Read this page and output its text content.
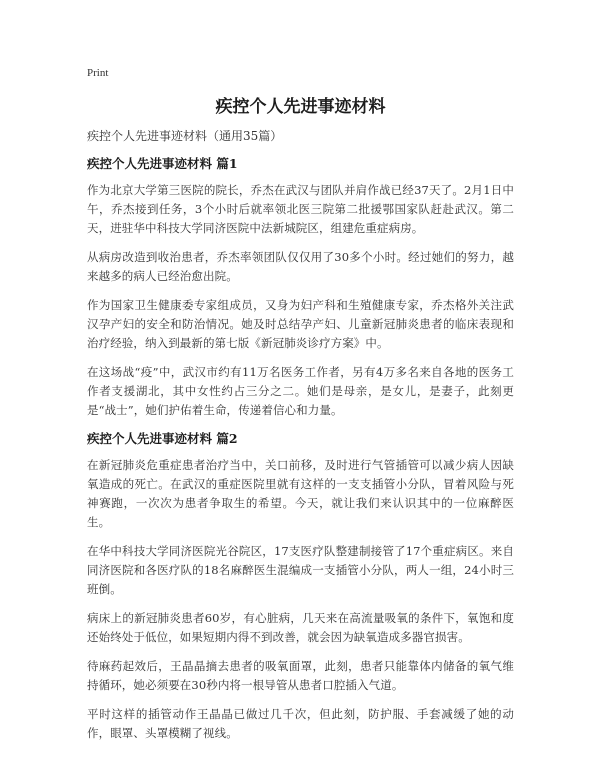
Print

疾控个人先进事迹材料

疾控个人先进事迹材料（通用35篇）

疾控个人先进事迹材料 篇1

作为北京大学第三医院的院长，乔杰在武汉与团队并肩作战已经37天了。2月1日中午，乔杰接到任务，3个小时后就率领北医三院第二批援鄂国家队赶赴武汉。第二天，进驻华中科技大学同济医院中法新城院区，组建危重症病房。

从病房改造到收治患者，乔杰率领团队仅仅用了30多个小时。经过她们的努力，越来越多的病人已经治愈出院。

作为国家卫生健康委专家组成员，又身为妇产科和生殖健康专家，乔杰格外关注武汉孕产妇的安全和防治情况。她及时总结孕产妇、儿童新冠肺炎患者的临床表现和治疗经验，纳入到最新的第七版《新冠肺炎诊疗方案》中。

在这场战“疫”中，武汉市约有11万名医务工作者，另有4万多名来自各地的医务工作者支援湖北，其中女性约占三分之二。她们是母亲，是女儿，是妻子，此刻更是“战士”，她们护佑着生命，传递着信心和力量。

疾控个人先进事迹材料 篇2

在新冠肺炎危重症患者治疗当中，关口前移，及时进行气管插管可以减少病人因缺氧造成的死亡。在武汉的重症医院里就有这样的一支支插管小分队，冒着风险与死神赛跑，一次次为患者争取生的希望。今天，就让我们来认识其中的一位麻醉医生。

在华中科技大学同济医院光谷院区，17支医疗队整建制接管了17个重症病区。来自同济医院和各医疗队的18名麻醉医生混编成一支插管小分队，两人一组，24小时三班倒。

病床上的新冠肺炎患者60岁，有心脏病，几天来在高流量吸氧的条件下，氧饱和度还始终处于低位，如果短期内得不到改善，就会因为缺氧造成多器官损害。

待麻药起效后，王晶晶摘去患者的吸氧面罩，此刻，患者只能靠体内储备的氧气维持循环，她必须要在30秒内将一根导管从患者口腔插入气道。

平时这样的插管动作王晶晶已做过几千次，但此刻，防护服、手套减缓了她的动作，眼罩、头罩模糊了视线。
